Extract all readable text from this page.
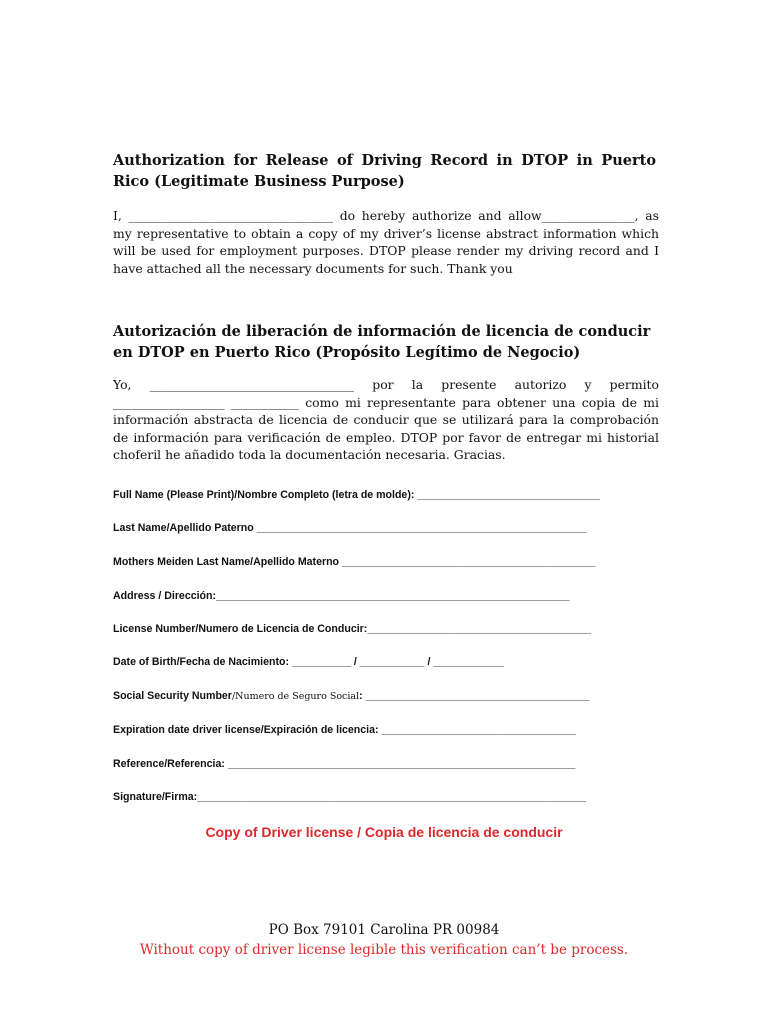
Authorization for Release of Driving Record in DTOP in Puerto Rico (Legitimate Business Purpose)
I, _________________________________ do hereby authorize and allow_______________, as my representative to obtain a copy of my driver’s license abstract information which will be used for employment purposes. DTOP please render my driving record and I have attached all the necessary documents for such. Thank you
Autorización de liberación de información de licencia de conducir en DTOP en Puerto Rico (Propósito Legítimo de Negocio)
Yo, _________________________________ por la presente autorizo y permito __________________ ___________ como mi representante para obtener una copia de mi información abstracta de licencia de conducir que se utilizará para la comprobación de información para verificación de empleo. DTOP por favor de entregar mi historial choferil he añadido toda la documentación necesaria. Gracias.
Full Name (Please Print)/Nombre Completo (letra de molde): _______________________________
Last Name/Apellido Paterno ________________________________________________________
Mothers Meiden Last Name/Apellido Materno ___________________________________________
Address / Dirección:____________________________________________________________
License Number/Numero de Licencia de Conducir:______________________________________
Date of Birth/Fecha de Nacimiento: __________ / ___________ / ____________
Social Security Number/Numero de Seguro Social: ______________________________________
Expiration date driver license/Expiración de licencia: _________________________________
Reference/Referencia: ___________________________________________________________
Signature/Firma:__________________________________________________________________
Copy of Driver license / Copia de licencia de conducir
PO Box 79101 Carolina PR 00984
Without copy of driver license legible this verification can’t be process.
